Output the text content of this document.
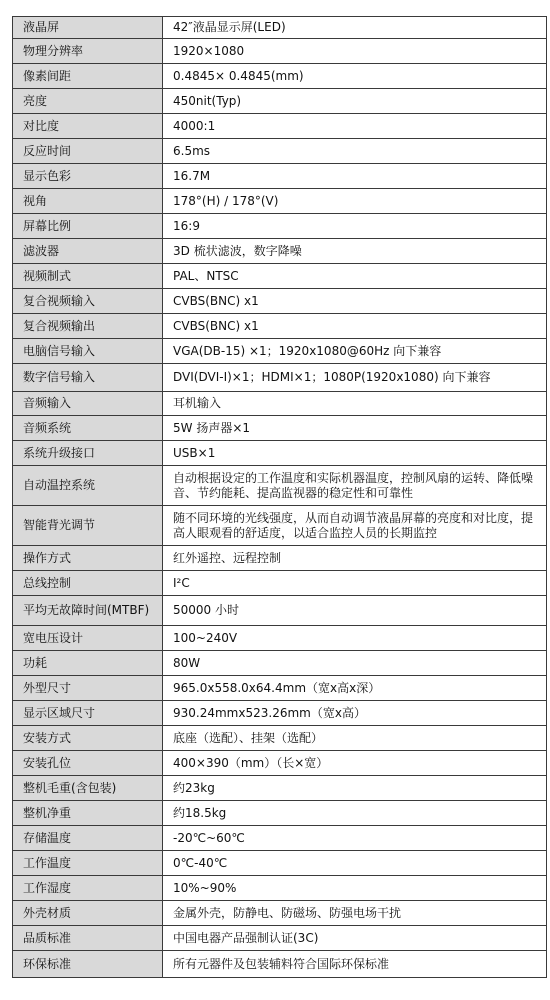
液晶屏	42″液晶显示屏(LED)
物理分辨率	1920×1080
像素间距	0.4845× 0.4845(mm)
亮度	450nit(Typ)
对比度	4000:1
反应时间	6.5ms
显示色彩	16.7M
视角	178°(H) / 178°(V)
屏幕比例	16:9
滤波器	3D 梳状滤波，数字降噪
视频制式	PAL、NTSC
复合视频输入	CVBS(BNC) x1
复合视频输出	CVBS(BNC) x1
电脑信号输入	VGA(DB-15) ×1；1920x1080@60Hz 向下兼容
数字信号输入	DVI(DVI-I)×1；HDMI×1；1080P(1920x1080) 向下兼容
音频输入	耳机输入
音频系统	5W 扬声器×1
系统升级接口	USB×1
自动温控系统	自动根据设定的工作温度和实际机器温度，控制风扇的运转、降低噪音、节约能耗、提高监视器的稳定性和可靠性
智能背光调节	随不同环境的光线强度，从而自动调节液晶屏幕的亮度和对比度，提高人眼观看的舒适度，以适合监控人员的长期监控
操作方式	红外遥控、远程控制
总线控制	I²C
平均无故障时间(MTBF)	50000 小时
宽电压设计	100~240V
功耗	80W
外型尺寸	965.0x558.0x64.4mm（宽x高x深）
显示区域尺寸	930.24mmx523.26mm（宽x高）
安装方式	底座（选配）、挂架（选配）
安装孔位	400×390（mm）（长×宽）
整机毛重(含包装)	约23kg
整机净重	约18.5kg
存储温度	-20℃~60℃
工作温度	0℃-40℃
工作湿度	10%~90%
外壳材质	金属外壳，防静电、防磁场、防强电场干扰
品质标准	中国电器产品强制认证(3C)
环保标准	所有元器件及包装辅料符合国际环保标准
